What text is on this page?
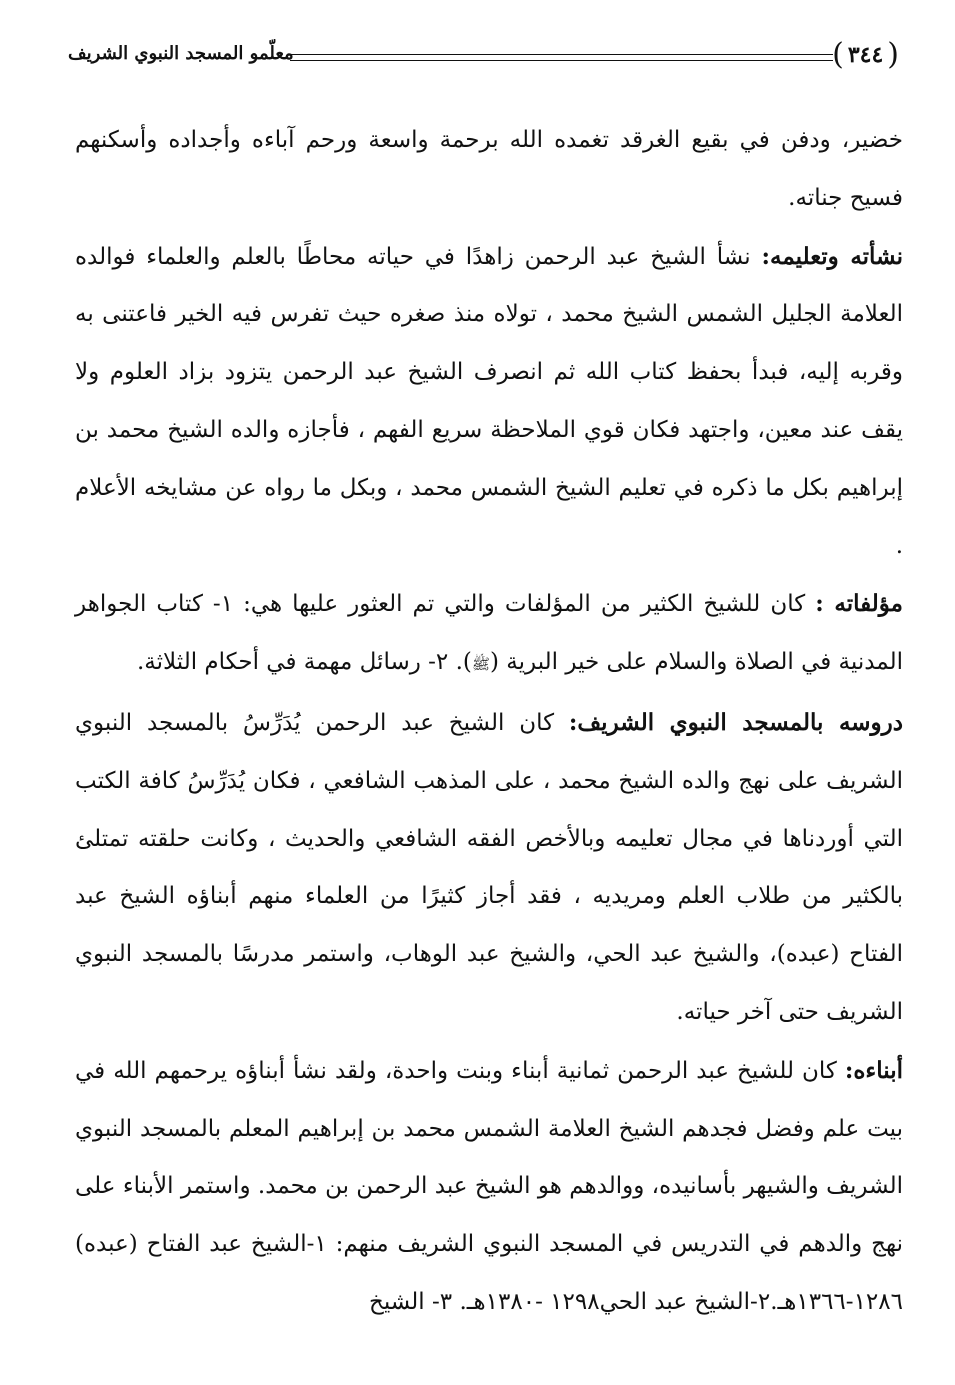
(
٣٤٤
)
معلّمو المسجد النبوي الشريف

خضير، ودفن في بقيع الغرقد تغمده الله برحمة واسعة ورحم آباءه وأجداده وأسكنهم فسيح جناته.

نشأته وتعليمه: نشأ الشيخ عبد الرحمن زاهدًا في حياته محاطًا بالعلم والعلماء فوالده العلامة الجليل الشمس الشيخ محمد ، تولاه منذ صغره حيث تفرس فيه الخير فاعتنى به وقربه إليه، فبدأ بحفظ كتاب الله ثم انصرف الشيخ عبد الرحمن يتزود بزاد العلوم ولا يقف عند معين، واجتهد فكان قوي الملاحظة سريع الفهم ، فأجازه والده الشيخ محمد بن إبراهيم بكل ما ذكره في تعليم الشيخ الشمس محمد ، وبكل ما رواه عن مشايخه الأعلام .

مؤلفاته : كان للشيخ الكثير من المؤلفات والتي تم العثور عليها هي: ١- كتاب الجواهر المدنية في الصلاة والسلام على خير البرية (ﷺ). ٢- رسائل مهمة في أحكام الثلاثة.

دروسه بالمسجد النبوي الشريف: كان الشيخ عبد الرحمن يُدَرِّسُ بالمسجد النبوي الشريف على نهج والده الشيخ محمد ، على المذهب الشافعي ، فكان يُدَرِّسُ كافة الكتب التي أوردناها في مجال تعليمه وبالأخص الفقه الشافعي والحديث ، وكانت حلقته تمتلئ بالكثير من طلاب العلم ومريديه ، فقد أجاز كثيرًا من العلماء منهم أبناؤه الشيخ عبد الفتاح (عبده)، والشيخ عبد الحي، والشيخ عبد الوهاب، واستمر مدرسًا بالمسجد النبوي الشريف حتى آخر حياته.

أبناءه: كان للشيخ عبد الرحمن ثمانية أبناء وبنت واحدة، ولقد نشأ أبناؤه يرحمهم الله في بيت علم وفضل فجدهم الشيخ العلامة الشمس محمد بن إبراهيم المعلم بالمسجد النبوي الشريف والشيهر بأسانيده، ووالدهم هو الشيخ عبد الرحمن بن محمد. واستمر الأبناء على نهج والدهم في التدريس في المسجد النبوي الشريف منهم: ١-الشيخ عبد الفتاح (عبده) ١٢٨٦-١٣٦٦هـ.٢-الشيخ عبد الحي١٢٩٨ -١٣٨٠هـ. ٣- الشيخ
